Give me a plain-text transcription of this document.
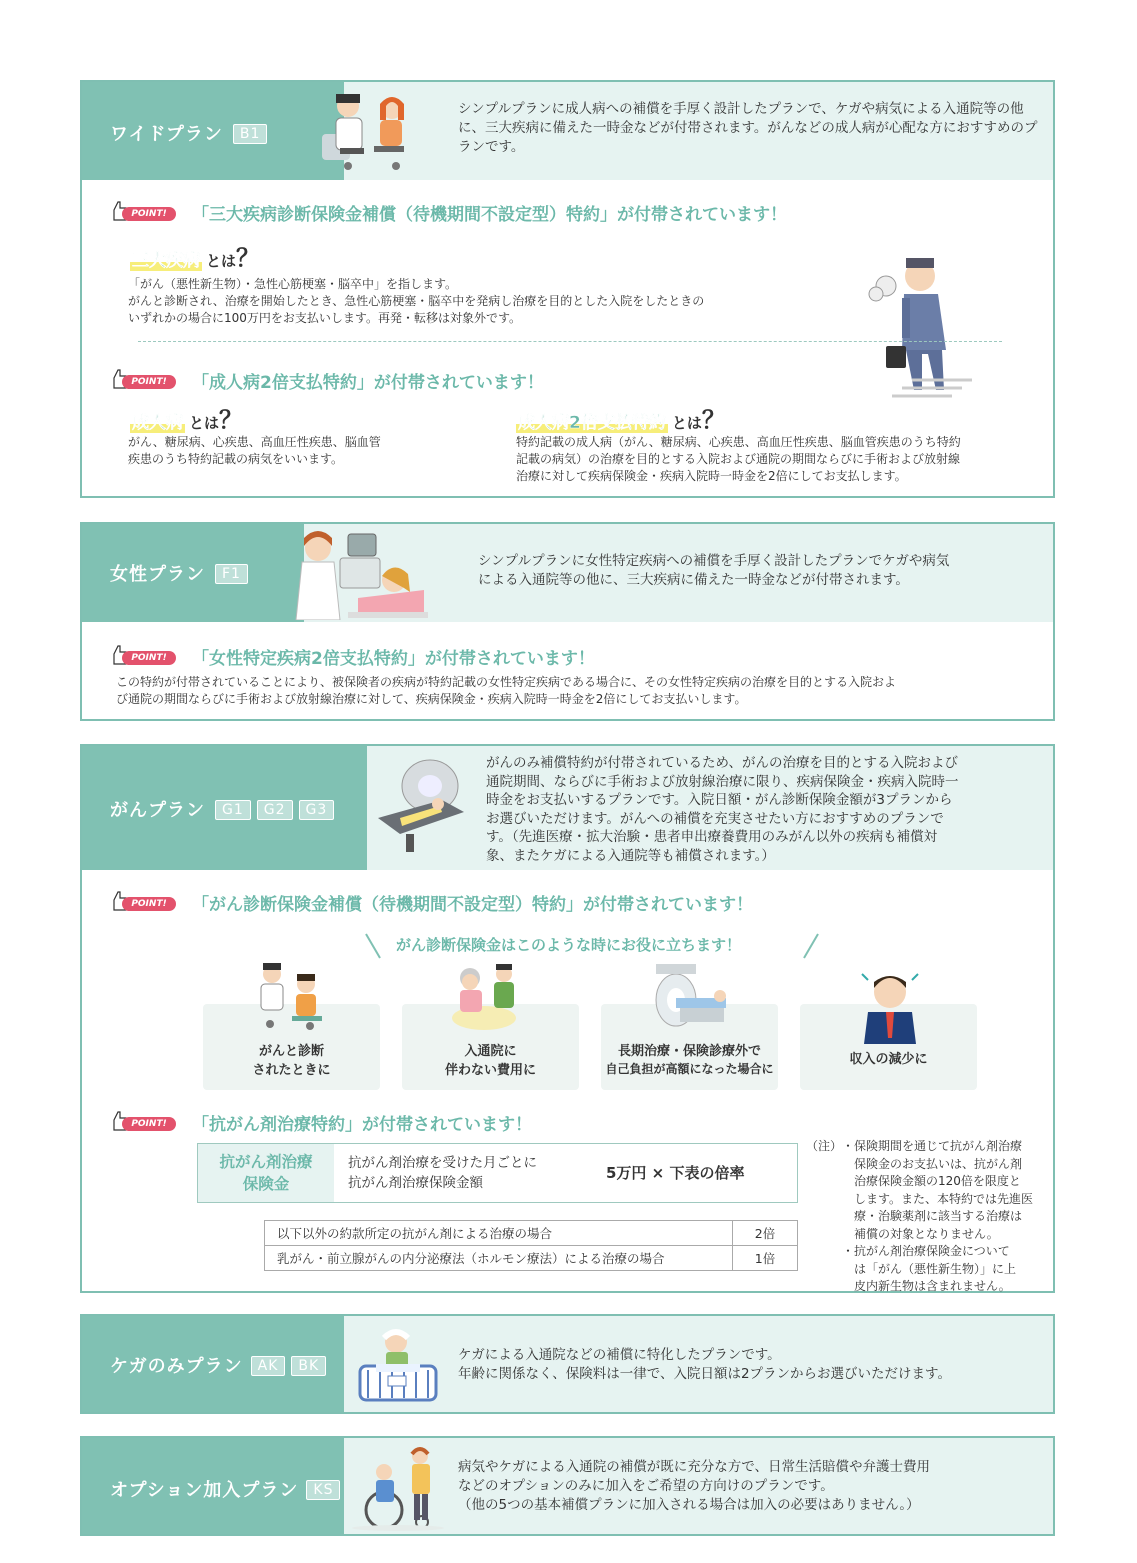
ワイドプラン B1
シンプルプランに成人病への補償を手厚く設計したプランで、ケガや病気による入通院等の他に、三大疾病に備えた一時金などが付帯されます。がんなどの成人病が心配な方におすすめのプランです。
POINT!	「三大疾病診断保険金補償（待機期間不設定型）特約」が付帯されています！
三大疾病 とは？
「がん（悪性新生物）・急性心筋梗塞・脳卒中」を指します。
がんと診断され、治療を開始したとき、急性心筋梗塞・脳卒中を発病し治療を目的とした入院をしたときの
いずれかの場合に100万円をお支払いします。再発・転移は対象外です。
POINT!	「成人病2倍支払特約」が付帯されています！
成人病 とは？
がん、糖尿病、心疾患、高血圧性疾患、脳血管
疾患のうち特約記載の病気をいいます。
成人病2倍支払特約 とは？
特約記載の成人病（がん、糖尿病、心疾患、高血圧性疾患、脳血管疾患のうち特約
記載の病気）の治療を目的とする入院および通院の期間ならびに手術および放射線
治療に対して疾病保険金・疾病入院時一時金を2倍にしてお支払します。
女性プラン F1
シンプルプランに女性特定疾病への補償を手厚く設計したプランでケガや病気
による入通院等の他に、三大疾病に備えた一時金などが付帯されます。
POINT!	「女性特定疾病2倍支払特約」が付帯されています！
この特約が付帯されていることにより、被保険者の疾病が特約記載の女性特定疾病である場合に、その女性特定疾病の治療を目的とする入院およ
び通院の期間ならびに手術および放射線治療に対して、疾病保険金・疾病入院時一時金を2倍にしてお支払いします。
がんプラン G1 G2 G3
がんのみ補償特約が付帯されているため、がんの治療を目的とする入院および
通院期間、ならびに手術および放射線治療に限り、疾病保険金・疾病入院時一
時金をお支払いするプランです。入院日額・がん診断保険金額が3プランから
お選びいただけます。がんへの補償を充実させたい方におすすめのプランで
す。（先進医療・拡大治験・患者申出療養費用のみがん以外の疾病も補償対
象、またケガによる入通院等も補償されます。）
POINT!	「がん診断保険金補償（待機期間不設定型）特約」が付帯されています！
がん診断保険金はこのような時にお役に立ちます！
がんと診断
されたときに
入通院に
伴わない費用に
長期治療・保険診療外で
自己負担が高額になった場合に
収入の減少に
POINT!	「抗がん剤治療特約」が付帯されています！
抗がん剤治療
保険金
抗がん剤治療を受けた月ごとに
抗がん剤治療保険金額
5万円 × 下表の倍率
以下以外の約款所定の抗がん剤による治療の場合	2倍
乳がん・前立腺がんの内分泌療法（ホルモン療法）による治療の場合	1倍
（注） ・保険期間を通じて抗がん剤治療
　保険金のお支払いは、抗がん剤
　治療保険金額の120倍を限度と
　します。また、本特約では先進医
　療・治験薬剤に該当する治療は
　補償の対象となりません。
・抗がん剤治療保険金について
　は「がん（悪性新生物）」に上
　皮内新生物は含まれません。
ケガのみプラン AK BK
ケガによる入通院などの補償に特化したプランです。
年齢に関係なく、保険料は一律で、入院日額は2プランからお選びいただけます。
オプション加入プラン KS
病気やケガによる入通院の補償が既に充分な方で、日常生活賠償や弁護士費用
などのオプションのみに加入をご希望の方向けのプランです。
（他の5つの基本補償プランに加入される場合は加入の必要はありません。）
